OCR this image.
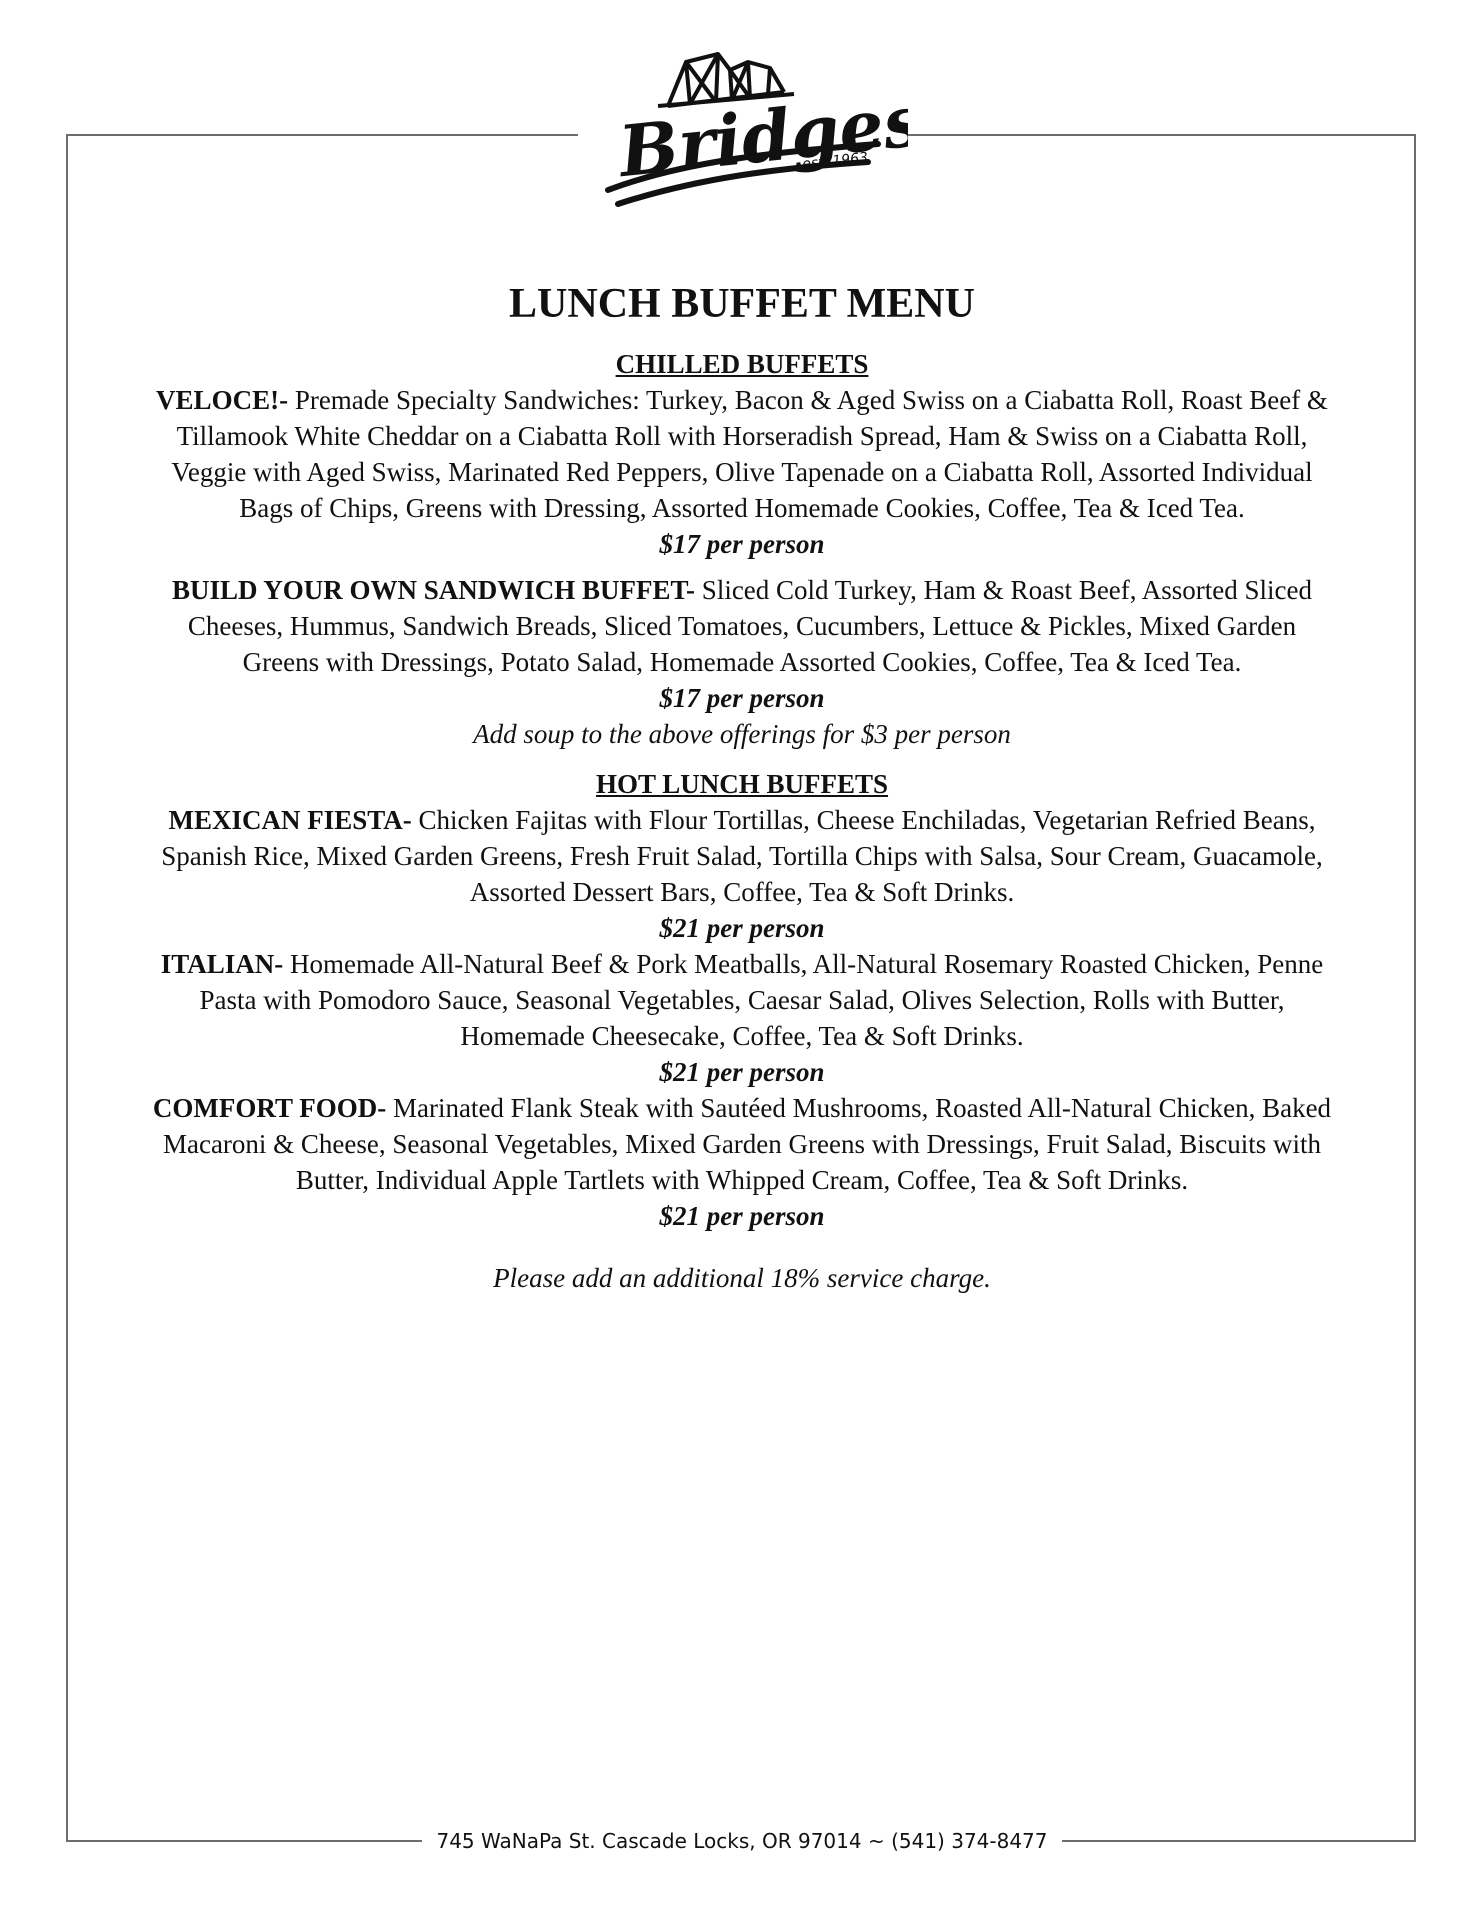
Bridgeside
est. 1963
LUNCH BUFFET MENU
CHILLED BUFFETS

VELOCE!- Premade Specialty Sandwiches: Turkey, Bacon & Aged Swiss on a Ciabatta Roll, Roast Beef & Tillamook White Cheddar on a Ciabatta Roll with Horseradish Spread, Ham & Swiss on a Ciabatta Roll, Veggie with Aged Swiss, Marinated Red Peppers, Olive Tapenade on a Ciabatta Roll, Assorted Individual Bags of Chips, Greens with Dressing, Assorted Homemade Cookies, Coffee, Tea & Iced Tea.

$17 per person

BUILD YOUR OWN SANDWICH BUFFET- Sliced Cold Turkey, Ham & Roast Beef, Assorted Sliced Cheeses, Hummus, Sandwich Breads, Sliced Tomatoes, Cucumbers, Lettuce & Pickles, Mixed Garden Greens with Dressings, Potato Salad, Homemade Assorted Cookies, Coffee, Tea & Iced Tea.

$17 per person
Add soup to the above offerings for $3 per person
HOT LUNCH BUFFETS

MEXICAN FIESTA- Chicken Fajitas with Flour Tortillas, Cheese Enchiladas, Vegetarian Refried Beans, Spanish Rice, Mixed Garden Greens, Fresh Fruit Salad, Tortilla Chips with Salsa, Sour Cream, Guacamole, Assorted Dessert Bars, Coffee, Tea & Soft Drinks.

$21 per person

ITALIAN- Homemade All-Natural Beef & Pork Meatballs, All-Natural Rosemary Roasted Chicken, Penne Pasta with Pomodoro Sauce, Seasonal Vegetables, Caesar Salad, Olives Selection, Rolls with Butter, Homemade Cheesecake, Coffee, Tea & Soft Drinks.

$21 per person

COMFORT FOOD- Marinated Flank Steak with Sautéed Mushrooms, Roasted All-Natural Chicken, Baked Macaroni & Cheese, Seasonal Vegetables, Mixed Garden Greens with Dressings, Fruit Salad, Biscuits with Butter, Individual Apple Tartlets with Whipped Cream, Coffee, Tea & Soft Drinks.

$21 per person
Please add an additional 18% service charge.
745 WaNaPa St. Cascade Locks, OR 97014 ~ (541) 374-8477
